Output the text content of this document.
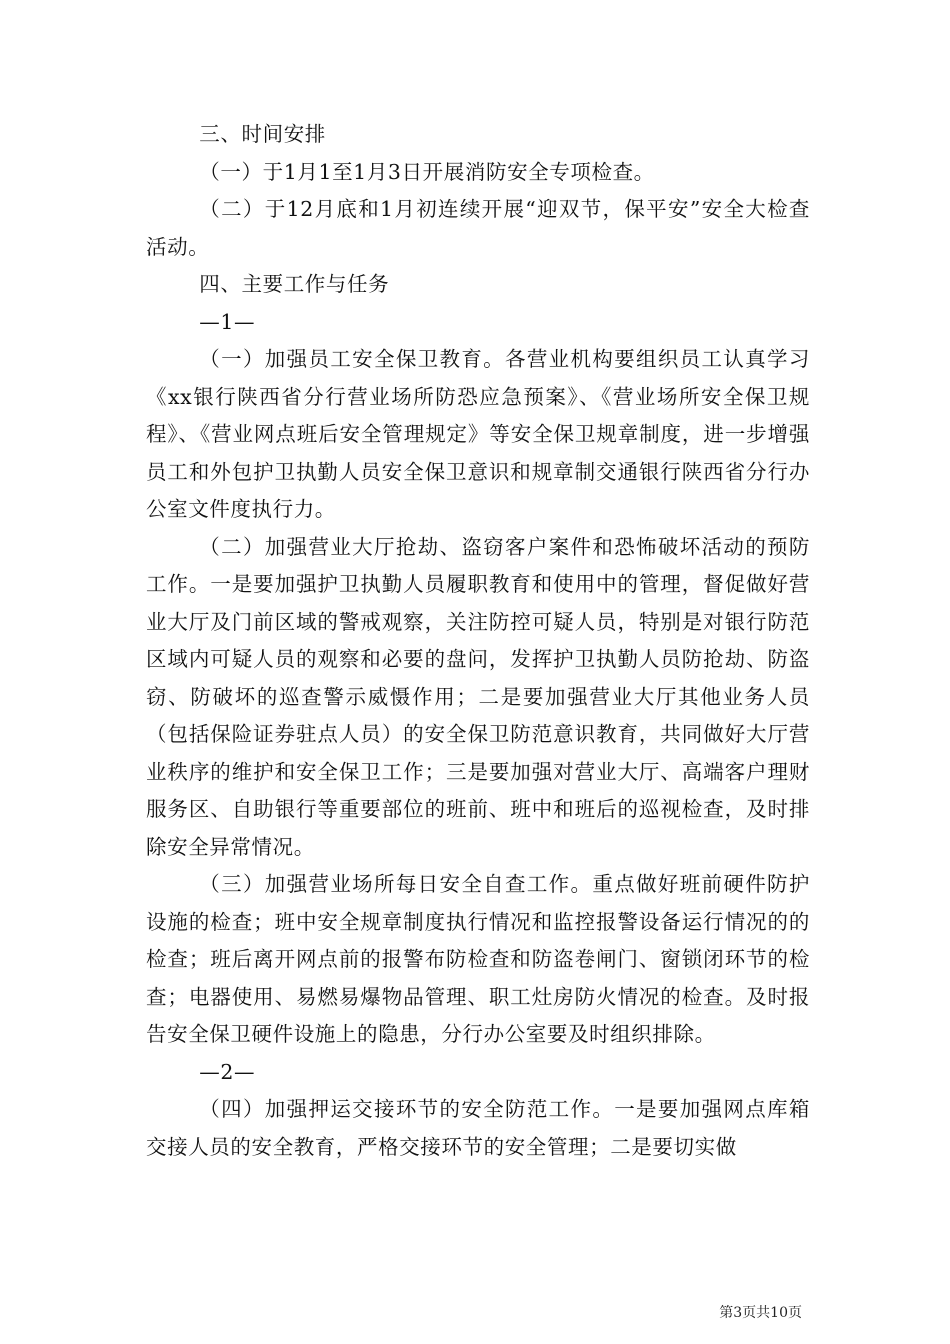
三、时间安排

（一）于1月1至1月3日开展消防安全专项检查。

（二）于12月底和1月初连续开展“迎双节，保平安”安全大检查活动。

四、主要工作与任务

—1—

（一）加强员工安全保卫教育。各营业机构要组织员工认真学习《xx银行陕西省分行营业场所防恐应急预案》、《营业场所安全保卫规程》、《营业网点班后安全管理规定》等安全保卫规章制度，进一步增强员工和外包护卫执勤人员安全保卫意识和规章制交通银行陕西省分行办公室文件度执行力。

（二）加强营业大厅抢劫、盗窃客户案件和恐怖破坏活动的预防工作。一是要加强护卫执勤人员履职教育和使用中的管理，督促做好营业大厅及门前区域的警戒观察，关注防控可疑人员，特别是对银行防范区域内可疑人员的观察和必要的盘问，发挥护卫执勤人员防抢劫、防盗窃、防破坏的巡查警示威慑作用；二是要加强营业大厅其他业务人员（包括保险证券驻点人员）的安全保卫防范意识教育，共同做好大厅营业秩序的维护和安全保卫工作；三是要加强对营业大厅、高端客户理财服务区、自助银行等重要部位的班前、班中和班后的巡视检查，及时排除安全异常情况。

（三）加强营业场所每日安全自查工作。重点做好班前硬件防护设施的检查；班中安全规章制度执行情况和监控报警设备运行情况的的检查；班后离开网点前的报警布防检查和防盗卷闸门、窗锁闭环节的检查；电器使用、易燃易爆物品管理、职工灶房防火情况的检查。及时报告安全保卫硬件设施上的隐患，分行办公室要及时组织排除。

—2—

（四）加强押运交接环节的安全防范工作。一是要加强网点库箱交接人员的安全教育，严格交接环节的安全管理；二是要切实做

第3页共10页
